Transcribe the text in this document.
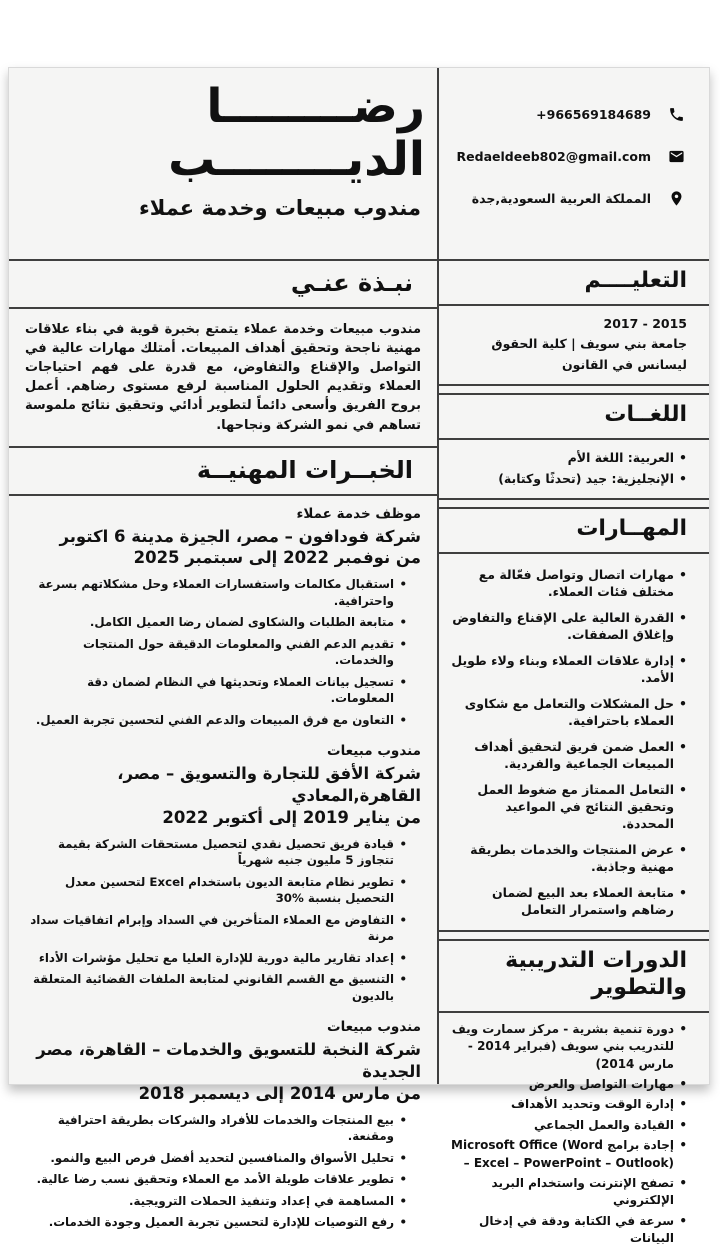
+966569184689
Redaeldeeb802@gmail.com
المملكة العربية السعودية,جدة
التعليــــم
2015 - 2017
جامعة بني سويف | كلية الحقوق
ليسانس في القانون
اللغــات
• العربية: اللغة الأم
• الإنجليزية: جيد (تحدثًا وكتابة)
المهــارات
• مهارات اتصال وتواصل فعّالة مع مختلف فئات العملاء.
• القدرة العالية على الإقناع والتفاوض وإغلاق الصفقات.
• إدارة علاقات العملاء وبناء ولاء طويل الأمد.
• حل المشكلات والتعامل مع شكاوى العملاء باحترافية.
• العمل ضمن فريق لتحقيق أهداف المبيعات الجماعية والفردية.
• التعامل الممتاز مع ضغوط العمل وتحقيق النتائج في المواعيد المحددة.
• عرض المنتجات والخدمات بطريقة مهنية وجاذبة.
• متابعة العملاء بعد البيع لضمان رضاهم واستمرار التعامل
الدورات التدريبية والتطوير
• دورة تنمية بشرية - مركز سمارت ويف للتدريب بني سويف (فبراير 2014 - مارس 2014)
• مهارات التواصل والعرض
• إدارة الوقت وتحديد الأهداف
• القيادة والعمل الجماعي
• إجادة برامج Microsoft Office (Word – Excel – PowerPoint – Outlook)
• تصفح الإنترنت واستخدام البريد الإلكتروني
• سرعة في الكتابة ودقة في إدخال البيانات
رضــــــــا
الديــــــــب
مندوب مبيعات وخدمة عملاء
نبـذة عنـي

مندوب مبيعات وخدمة عملاء يتمتع بخبرة قوية في بناء علاقات مهنية ناجحة وتحقيق أهداف المبيعات. أمتلك مهارات عالية في التواصل والإقناع والتفاوض، مع قدرة على فهم احتياجات العملاء وتقديم الحلول المناسبة لرفع مستوى رضاهم. أعمل بروح الفريق وأسعى دائماً لتطوير أدائي وتحقيق نتائج ملموسة تساهم في نمو الشركة ونجاحها.

الخبــرات المهنيــة
موظف خدمة عملاء
شركة فودافون – مصر، الجيزة مدينة 6 اكتوبر
من نوفمبر 2022 إلى سبتمبر 2025
• استقبال مكالمات واستفسارات العملاء وحل مشكلاتهم بسرعة واحترافية.
• متابعة الطلبات والشكاوى لضمان رضا العميل الكامل.
• تقديم الدعم الفني والمعلومات الدقيقة حول المنتجات والخدمات.
• تسجيل بيانات العملاء وتحديثها في النظام لضمان دقة المعلومات.
• التعاون مع فرق المبيعات والدعم الفني لتحسين تجربة العميل.
مندوب مبيعات
شركة الأفق للتجارة والتسويق – مصر، القاهرة,المعادي
من يناير 2019 إلى أكتوبر 2022
• قيادة فريق تحصيل نقدي لتحصيل مستحقات الشركة بقيمة تتجاوز 5 مليون جنيه شهرياً
• تطوير نظام متابعة الديون باستخدام Excel لتحسين معدل التحصيل بنسبة %30
• التفاوض مع العملاء المتأخرين في السداد وإبرام اتفاقيات سداد مرنة
• إعداد تقارير مالية دورية للإدارة العليا مع تحليل مؤشرات الأداء
• التنسيق مع القسم القانوني لمتابعة الملفات القضائية المتعلقة بالديون
مندوب مبيعات
شركة النخبة للتسويق والخدمات – القاهرة، مصر الجديدة
من مارس 2014 إلى ديسمبر 2018
• بيع المنتجات والخدمات للأفراد والشركات بطريقة احترافية ومقنعة.
• تحليل الأسواق والمنافسين لتحديد أفضل فرص البيع والنمو.
• تطوير علاقات طويلة الأمد مع العملاء وتحقيق نسب رضا عالية.
• المساهمة في إعداد وتنفيذ الحملات الترويجية.
• رفع التوصيات للإدارة لتحسين تجربة العميل وجودة الخدمات.
